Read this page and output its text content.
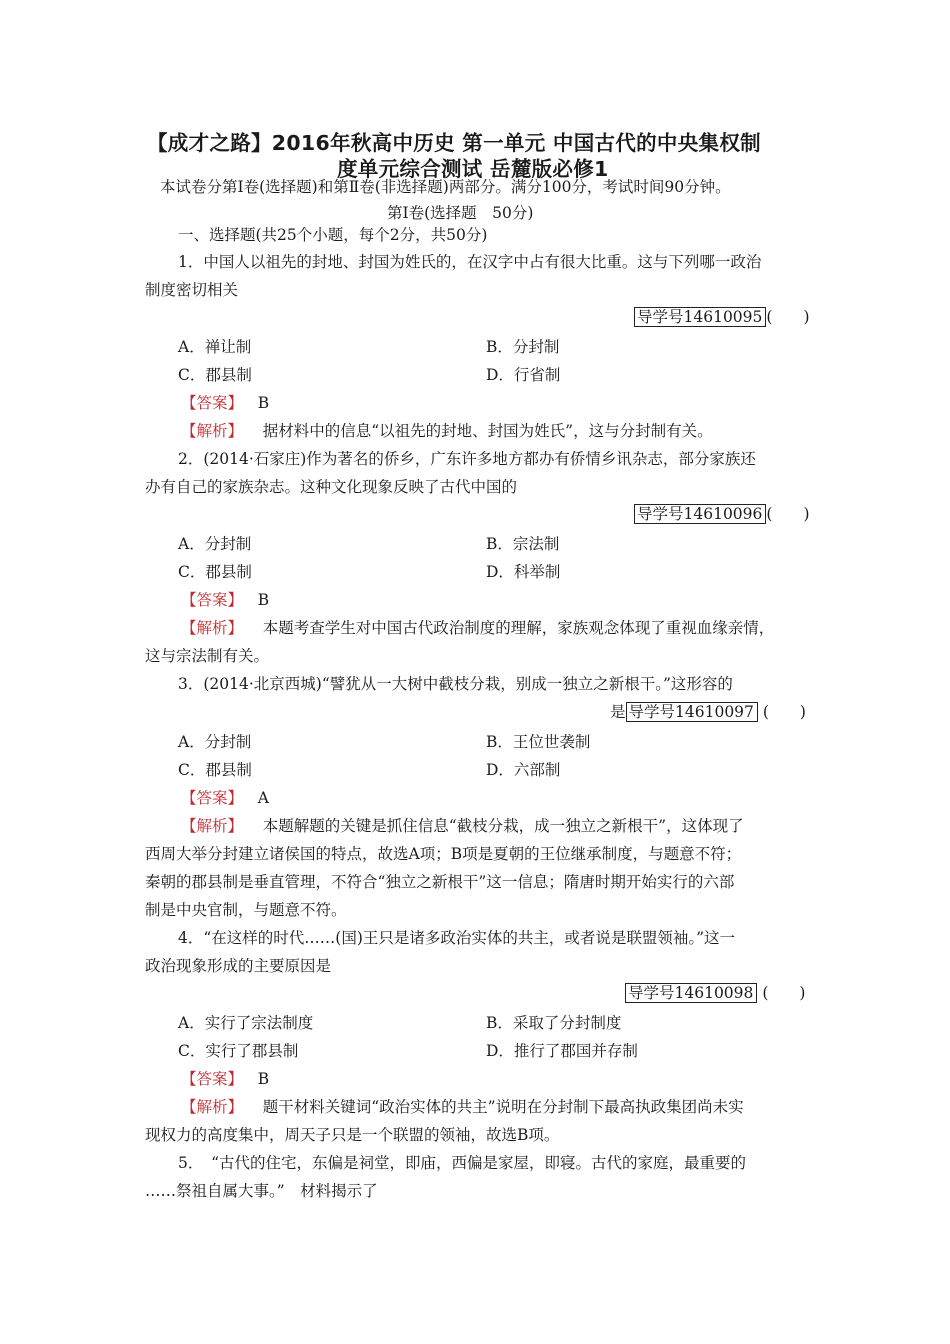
【成才之路】2016年秋高中历史 第一单元 中国古代的中央集权制
度单元综合测试 岳麓版必修1
本试卷分第Ⅰ卷(选择题)和第Ⅱ卷(非选择题)两部分。满分100分，考试时间90分钟。
第Ⅰ卷(选择题　50分)
一、选择题(共25个小题，每个2分，共50分)
1．中国人以祖先的封地、封国为姓氏的，在汉字中占有很大比重。这与下列哪一政治
制度密切相关
导学号14610095 (　　)
A．禅让制	B．分封制
C．郡县制	D．行省制
【答案】 B
【解析】 据材料中的信息“以祖先的封地、封国为姓氏”，这与分封制有关。
2．(2014·石家庄)作为著名的侨乡，广东许多地方都办有侨情乡讯杂志，部分家族还
办有自己的家族杂志。这种文化现象反映了古代中国的
导学号14610096 (　　)
A．分封制	B．宗法制
C．郡县制	D．科举制
【答案】 B
【解析】 本题考查学生对中国古代政治制度的理解，家族观念体现了重视血缘亲情，
这与宗法制有关。
3．(2014·北京西城)“譬犹从一大树中截枝分栽，别成一独立之新根干。”这形容的
是 导学号14610097 (　　)
A．分封制	B．王位世袭制
C．郡县制	D．六部制
【答案】 A
【解析】 本题解题的关键是抓住信息“截枝分栽，成一独立之新根干”，这体现了
西周大举分封建立诸侯国的特点，故选A项；B项是夏朝的王位继承制度，与题意不符；
秦朝的郡县制是垂直管理，不符合“独立之新根干”这一信息；隋唐时期开始实行的六部
制是中央官制，与题意不符。
4．“在这样的时代……(国)王只是诸多政治实体的共主，或者说是联盟领袖。”这一
政治现象形成的主要原因是
导学号14610098 (　　)
A．实行了宗法制度	B．采取了分封制度
C．实行了郡县制	D．推行了郡国并存制
【答案】 B
【解析】 题干材料关键词“政治实体的共主”说明在分封制下最高执政集团尚未实
现权力的高度集中，周天子只是一个联盟的领袖，故选B项。
5．　“古代的住宅，东偏是祠堂，即庙，西偏是家屋，即寝。古代的家庭，最重要的
……祭祖自属大事。”　材料揭示了
